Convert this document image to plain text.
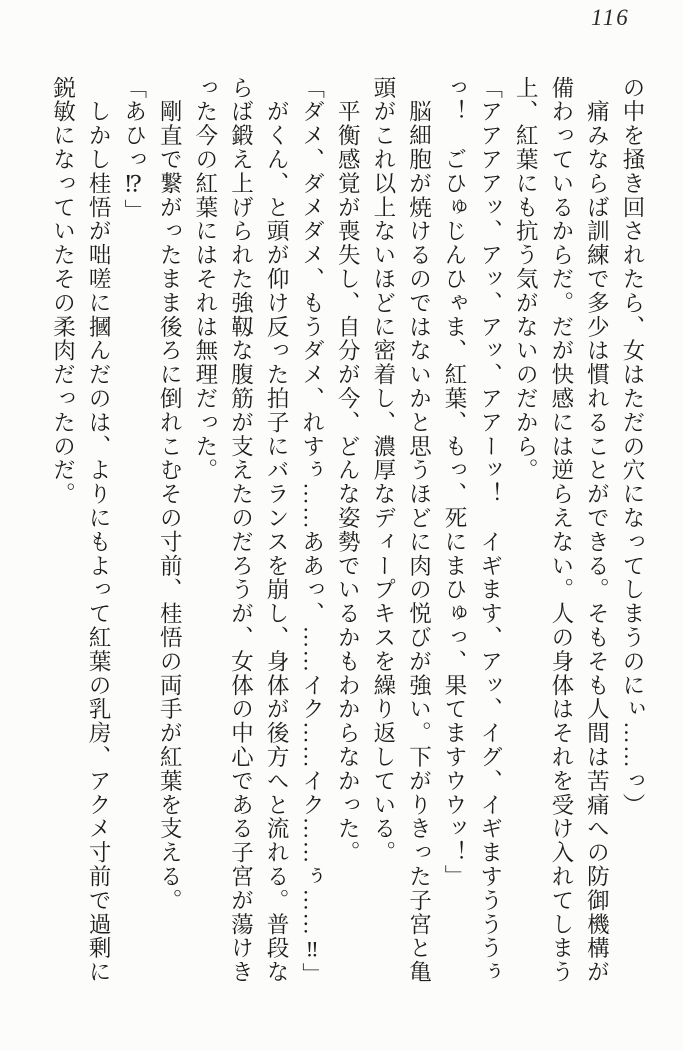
116
の中を掻き回されたら、女はただの穴になってしまうのにぃ……っ）
　痛みならば訓練で多少は慣れることができる。そもそも人間は苦痛への防御機構が
備わっているからだ。だが快感には逆らえない。人の身体はそれを受け入れてしまう
上、紅葉にも抗う気がないのだから。
「アアアアッ、アッ、アッ、アアーッ！　イギます、アッ、イグ、イギますうううぅ
っ！　ごひゅじんひゃま、紅葉、もっ、死にまひゅっ、果てますウウッ！」
　脳細胞が焼けるのではないかと思うほどに肉の悦びが強い。下がりきった子宮と亀
頭がこれ以上ないほどに密着し、濃厚なディープキスを繰り返している。
　平衡感覚が喪失し、自分が今、どんな姿勢でいるかもわからなかった。
「ダメ、ダメダメ、もうダメ、れすぅ……ああっ、……イク……イク……ぅ……‼」
　がくん、と頭が仰け反った拍子にバランスを崩し、身体が後方へと流れる。普段な
らば鍛え上げられた強靱な腹筋が支えたのだろうが、女体の中心である子宮が蕩けき
った今の紅葉にはそれは無理だった。
　剛直で繋がったまま後ろに倒れこむその寸前、桂悟の両手が紅葉を支える。
「あひっ⁉」
　しかし桂悟が咄嗟に摑んだのは、よりにもよって紅葉の乳房、アクメ寸前で過剰に
鋭敏になっていたその柔肉だったのだ。
